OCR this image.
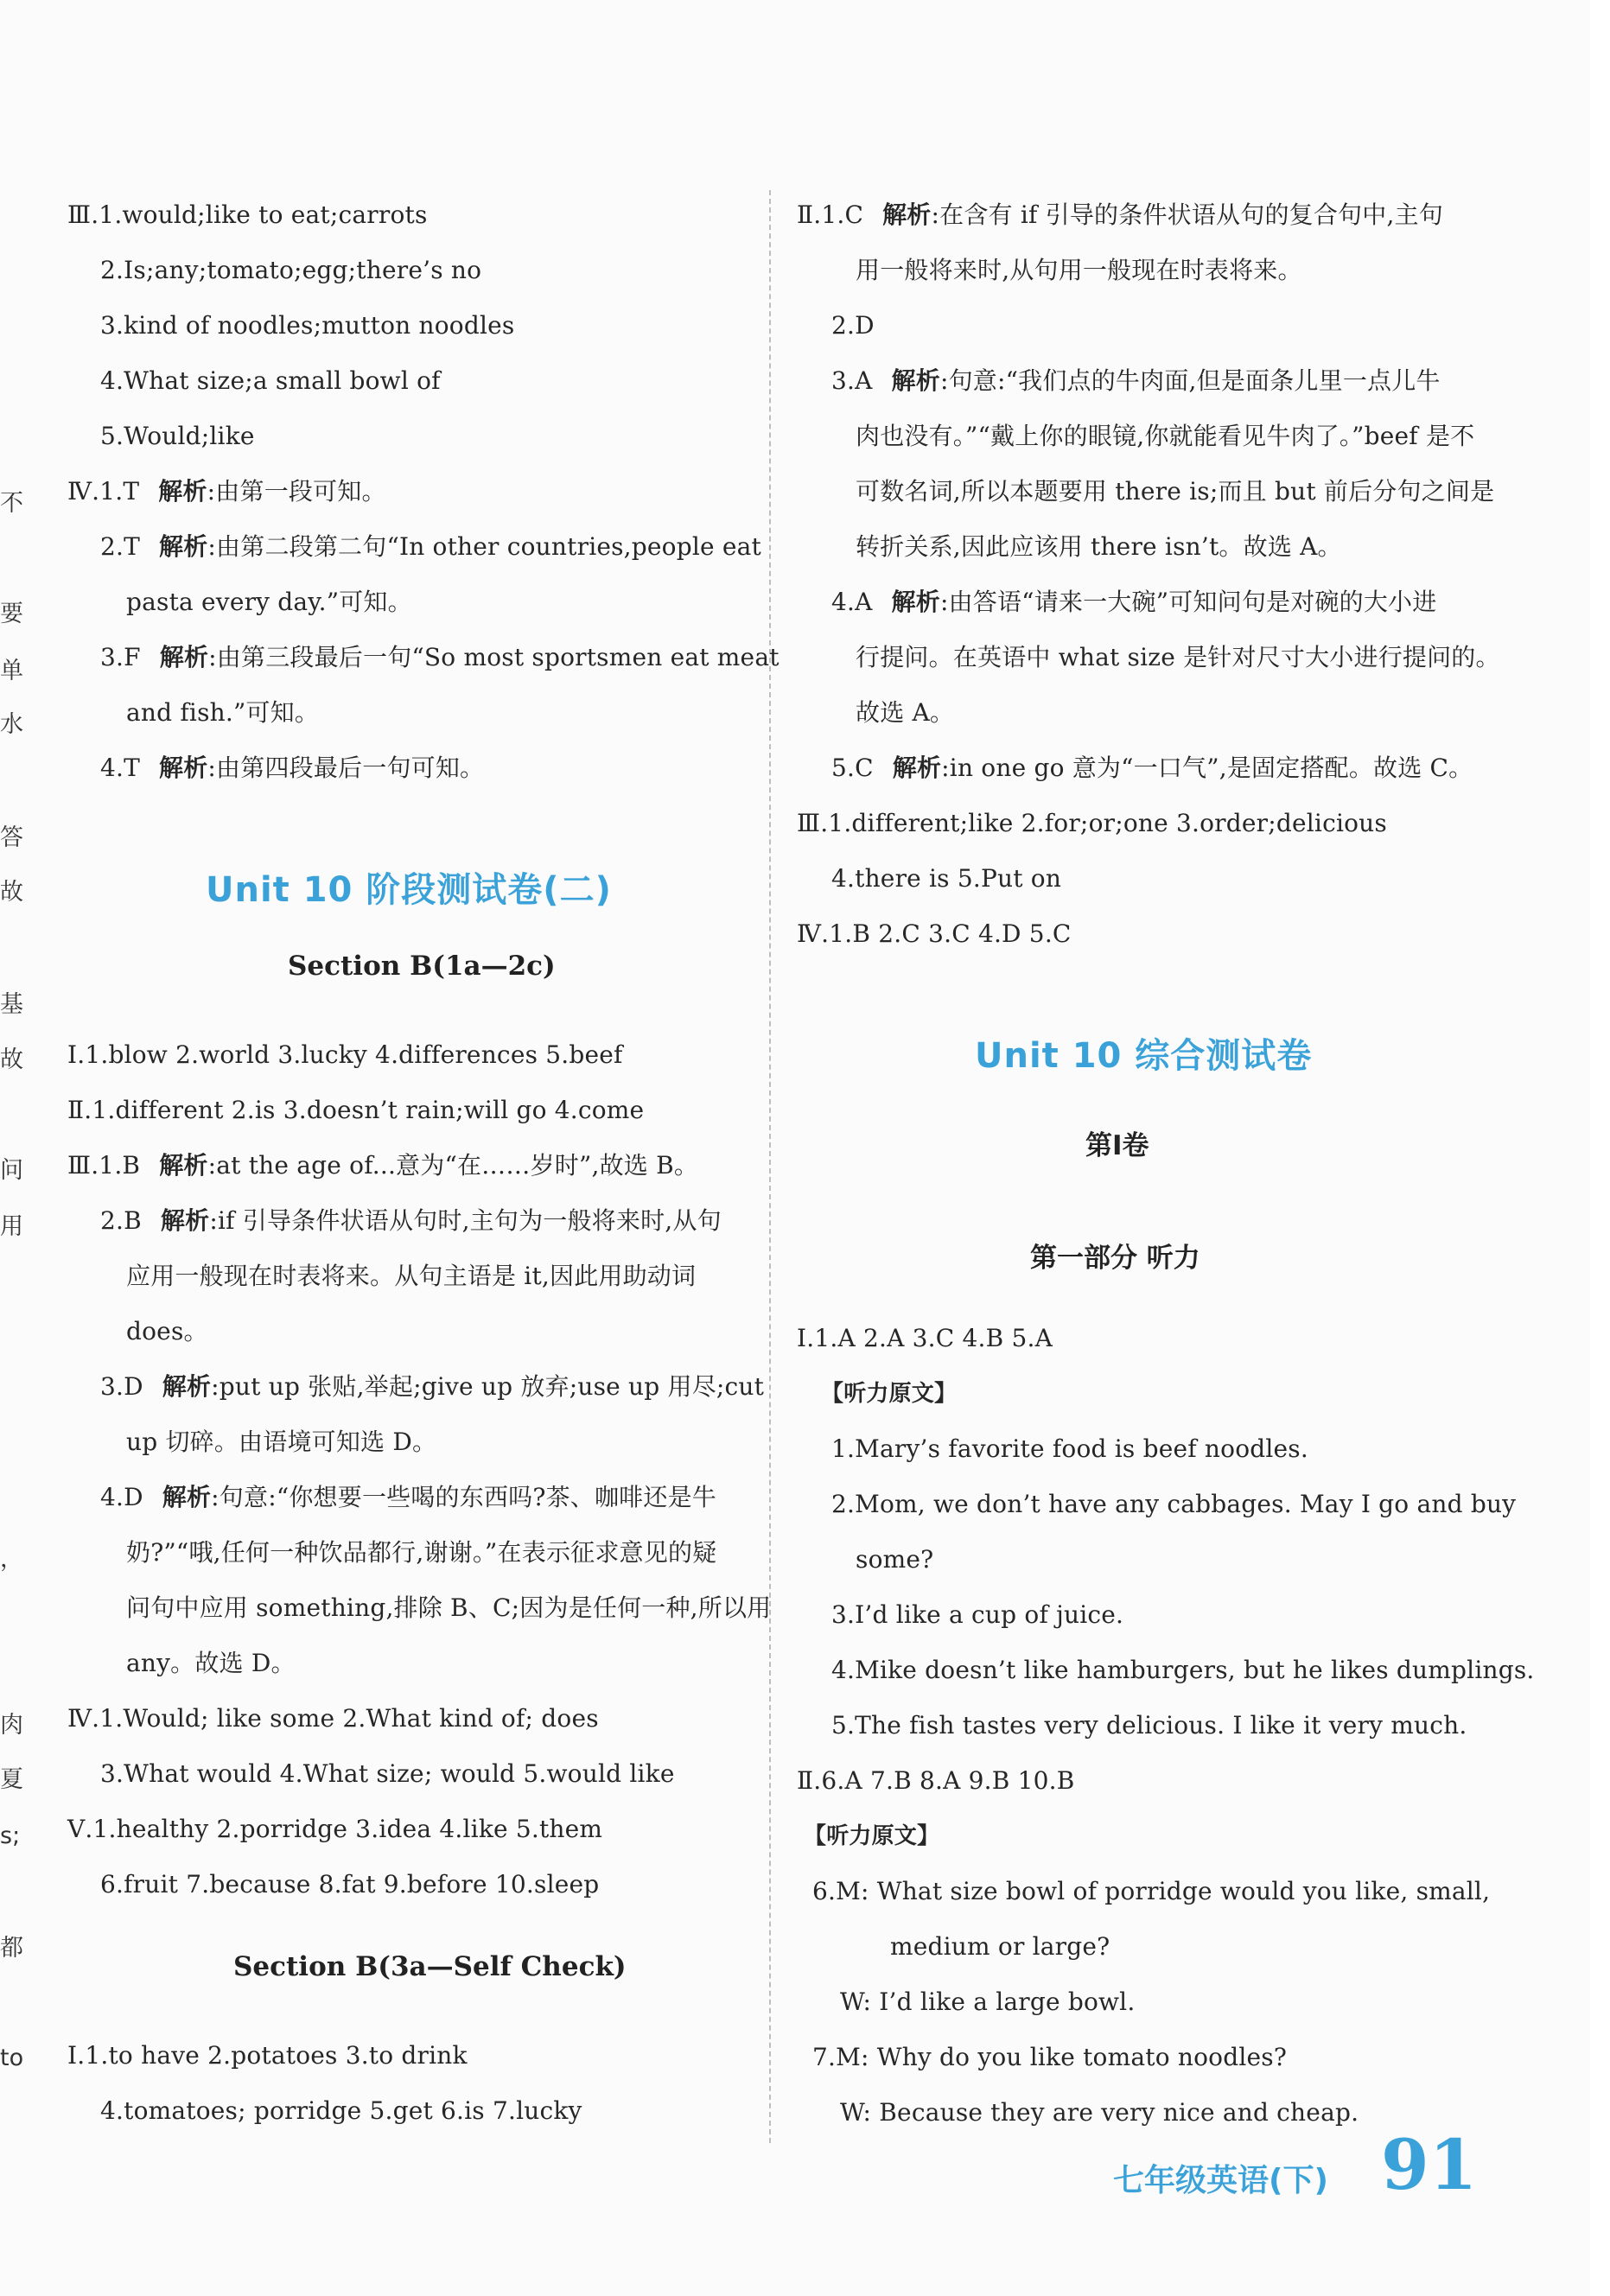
不
要
单
水
答
故
基
故
问
用
，
肉
夏
s;
都
to
Ⅲ.1.would;like to eat;carrots
2.Is;any;tomato;egg;there’s no
3.kind of noodles;mutton noodles
4.What size;a small bowl of
5.Would;like
Ⅳ.1.T 解析:由第一段可知。
2.T 解析:由第二段第二句“In other countries,people eat
pasta every day.”可知。
3.F 解析:由第三段最后一句“So most sportsmen eat meat
and fish.”可知。
4.T 解析:由第四段最后一句可知。
Unit 10 阶段测试卷(二)
Section B(1a—2c)
Ⅰ.1.blow 2.world 3.lucky 4.differences 5.beef
Ⅱ.1.different 2.is 3.doesn’t rain;will go 4.come
Ⅲ.1.B 解析:at the age of...意为“在……岁时”,故选 B。
2.B 解析:if 引导条件状语从句时,主句为一般将来时,从句
应用一般现在时表将来。从句主语是 it,因此用助动词
does。
3.D 解析:put up 张贴,举起;give up 放弃;use up 用尽;cut
up 切碎。由语境可知选 D。
4.D 解析:句意:“你想要一些喝的东西吗?茶、咖啡还是牛
奶?”“哦,任何一种饮品都行,谢谢。”在表示征求意见的疑
问句中应用 something,排除 B、C;因为是任何一种,所以用
any。故选 D。
Ⅳ.1.Would; like some 2.What kind of; does
3.What would 4.What size; would 5.would like
Ⅴ.1.healthy 2.porridge 3.idea 4.like 5.them
6.fruit 7.because 8.fat 9.before 10.sleep
Section B(3a—Self Check)
Ⅰ.1.to have 2.potatoes 3.to drink
4.tomatoes; porridge 5.get 6.is 7.lucky
Ⅱ.1.C 解析:在含有 if 引导的条件状语从句的复合句中,主句
用一般将来时,从句用一般现在时表将来。
2.D
3.A 解析:句意:“我们点的牛肉面,但是面条儿里一点儿牛
肉也没有。”“戴上你的眼镜,你就能看见牛肉了。”beef 是不
可数名词,所以本题要用 there is;而且 but 前后分句之间是
转折关系,因此应该用 there isn’t。故选 A。
4.A 解析:由答语“请来一大碗”可知问句是对碗的大小进
行提问。在英语中 what size 是针对尺寸大小进行提问的。
故选 A。
5.C 解析:in one go 意为“一口气”,是固定搭配。故选 C。
Ⅲ.1.different;like 2.for;or;one 3.order;delicious
4.there is 5.Put on
Ⅳ.1.B 2.C 3.C 4.D 5.C
Unit 10 综合测试卷
第Ⅰ卷
第一部分 听力
Ⅰ.1.A 2.A 3.C 4.B 5.A
【听力原文】
1.Mary’s favorite food is beef noodles.
2.Mom, we don’t have any cabbages. May I go and buy
some?
3.I’d like a cup of juice.
4.Mike doesn’t like hamburgers, but he likes dumplings.
5.The fish tastes very delicious. I like it very much.
Ⅱ.6.A 7.B 8.A 9.B 10.B
【听力原文】
6.M: What size bowl of porridge would you like, small,
medium or large?
W: I’d like a large bowl.
7.M: Why do you like tomato noodles?
W: Because they are very nice and cheap.
七年级英语(下) 91
